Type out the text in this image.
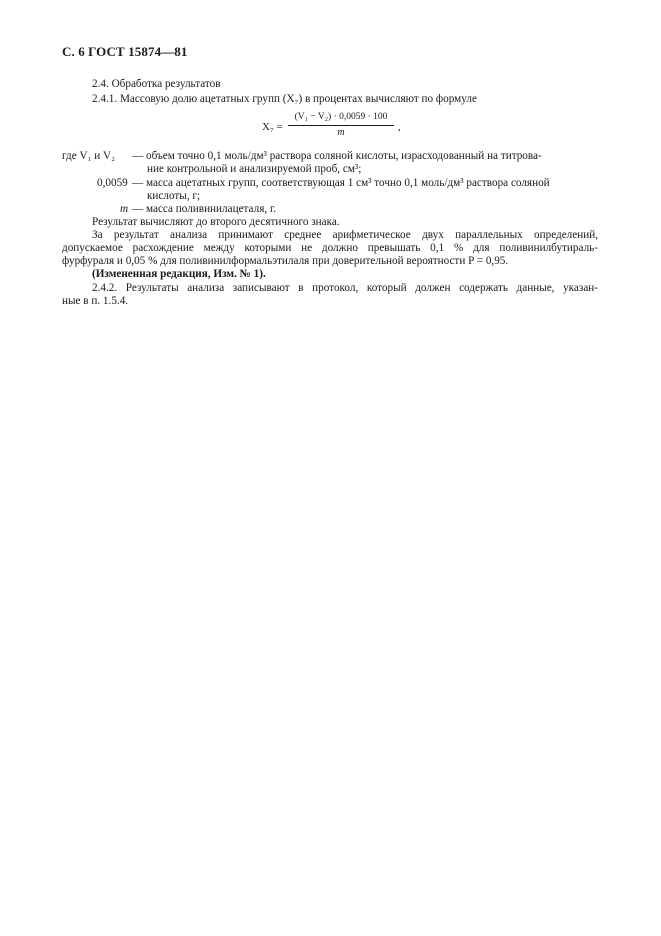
С. 6 ГОСТ 15874—81
2.4. Обработка результатов
2.4.1. Массовую долю ацетатных групп (X₇) в процентах вычисляют по формуле
X₇ =
(V₁ − V₂) · 0,0059 · 100
m	,
где V₁ и V₂ — объем точно 0,1 моль/дм³ раствора соляной кислоты, израсходованный на титрова-
ние контрольной и анализируемой проб, см³;
0,0059 — масса ацетатных групп, соответствующая 1 см³ точно 0,1 моль/дм³ раствора соляной
кислоты, г;
m — масса поливинилацеталя, г.
Результат вычисляют до второго десятичного знака.
За результат анализа принимают среднее арифметическое двух параллельных определений,
допускаемое расхождение между которыми не должно превышать 0,1 % для поливинилбутираль-
фурфураля и 0,05 % для поливинилформальэтилаля при доверительной вероятности P = 0,95.
(Измененная редакция, Изм. № 1).
2.4.2. Результаты анализа записывают в протокол, который должен содержать данные, указан-
ные в п. 1.5.4.
